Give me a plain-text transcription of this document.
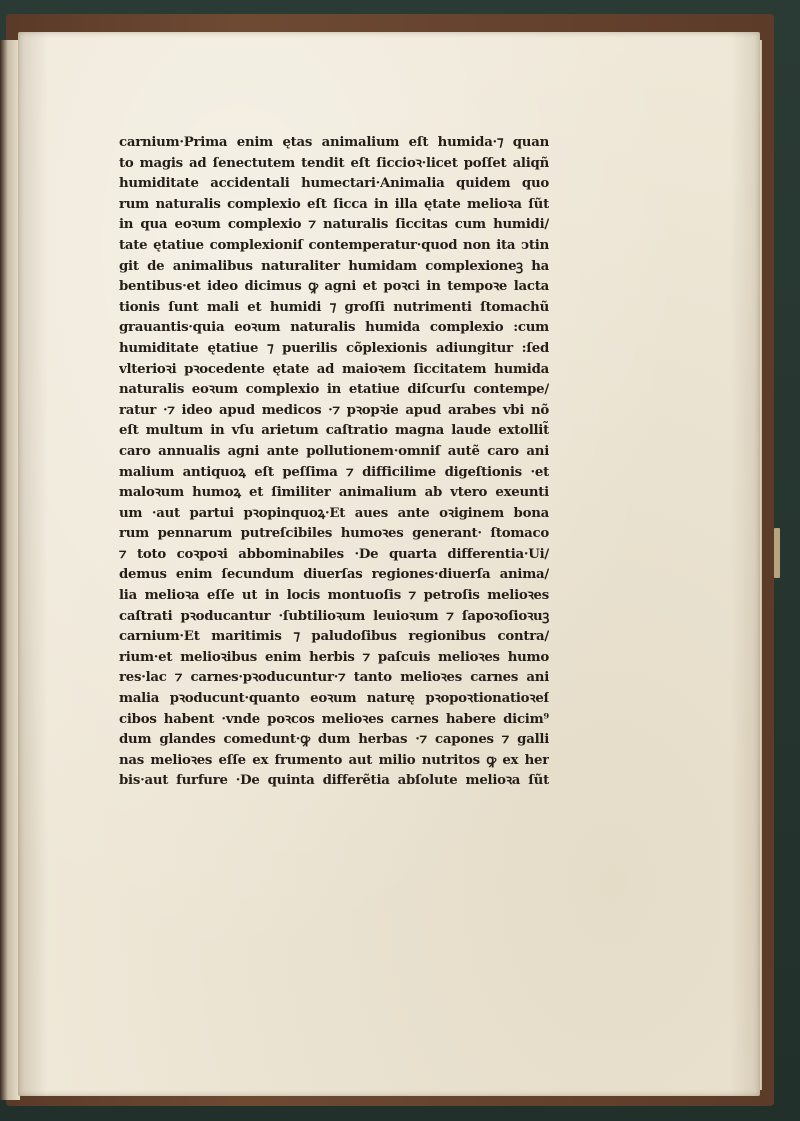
carnium·Prima enim ętas animalium eſt humida·⁊ quan
to magis ad ſenectutem tendit eſt ſiccioꝛ·licet poſſet aliqñ
humiditate accidentali humectari·Animalia quidem quo
rum naturalis complexio eſt ſicca in illa ętate melioꝛa ſũt
in qua eoꝛum complexio ⁊ naturalis ſiccitas cum humidi/
tate ętatiue complexioniſ contemperatur·quod non ita ↄtin
git de animalibus naturaliter humidam complexioneꝫ ha
bentibus·et ideo dicimus ꝙ agni et poꝛci in tempoꝛe lacta
tionis ſunt mali et humidi ⁊ groſſi nutrimenti ſtomachũ
grauantis·quia eoꝛum naturalis humida complexio :cum
humiditate ętatiue ⁊ puerilis cõplexionis adiungitur :ſed
vlterioꝛi pꝛocedente ętate ad maioꝛem ſiccitatem humida
naturalis eoꝛum complexio in etatiue diſcurſu contempe/
ratur ·⁊ ideo apud medicos ·⁊ pꝛopꝛie apud arabes vbi nõ
eſt multum in vſu arietum caſtratio magna laude extollit̃
caro annualis agni ante pollutionem·omniſ autẽ caro ani
malium antiquoꝝ eſt peſſima ⁊ difficilime digeſtionis ·et
maloꝛum humoꝝ et ſimiliter animalium ab vtero exeunti
um ·aut partui pꝛopinquoꝝ·Et aues ante oꝛiginem bona
rum pennarum putreſcibiles humoꝛes generant· ſtomaco
⁊ toto coꝛpoꝛi abbominabiles ·De quarta differentia·Ui/
demus enim ſecundum diuerſas regiones·diuerſa anima/
lia melioꝛa eſſe ut in locis montuoſis ⁊ petroſis melioꝛes
caſtrati pꝛoducantur ·ſubtilioꝛum leuioꝛum ⁊ ſapoꝛoſioꝛuꝫ
carnium·Et maritimis ⁊ paludoſibus regionibus contra/
rium·et melioꝛibus enim herbis ⁊ paſcuis melioꝛes humo
res·lac ⁊ carnes·pꝛoducuntur·⁊ tanto melioꝛes carnes ani
malia pꝛoducunt·quanto eoꝛum naturę pꝛopoꝛtionatioꝛeſ
cibos habent ·vnde poꝛcos melioꝛes carnes habere dicim⁹
dum glandes comedunt·ꝙ dum herbas ·⁊ capones ⁊ galli
nas melioꝛes eſſe ex frumento aut milio nutritos ꝙ ex her
bis·aut furfure ·De quinta differẽtia abſolute melioꝛa ſũt
